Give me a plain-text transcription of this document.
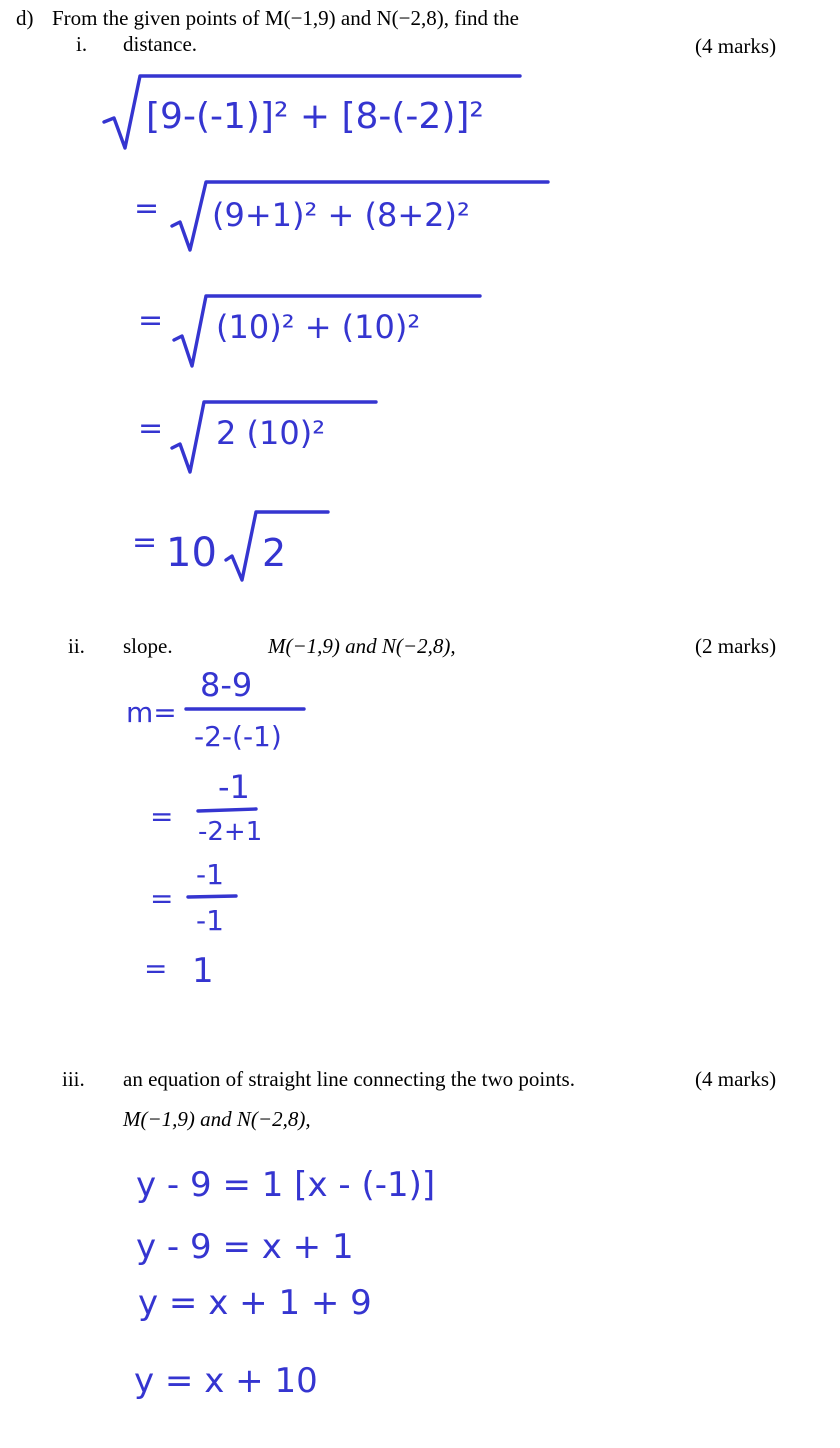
d) From the given points of M(−1,9) and N(−2,8), find the
i. distance.	(4 marks)
ii. slope.	M(−1,9) and N(−2,8),	(2 marks)
iii. an equation of straight line connecting the two points.	(4 marks)
M(−1,9) and N(−2,8),
[9-(-1)]² + [8-(-2)]²
= (9+1)² + (8+2)²
= (10)² + (10)²
= 2 (10)²
= 10 2
m=
8-9
-2-(-1)
=
-1
-2+1
=
-1
-1
= 1
y - 9 = 1 [x - (-1)]
y - 9 = x + 1
y = x + 1 + 9
y = x + 10
